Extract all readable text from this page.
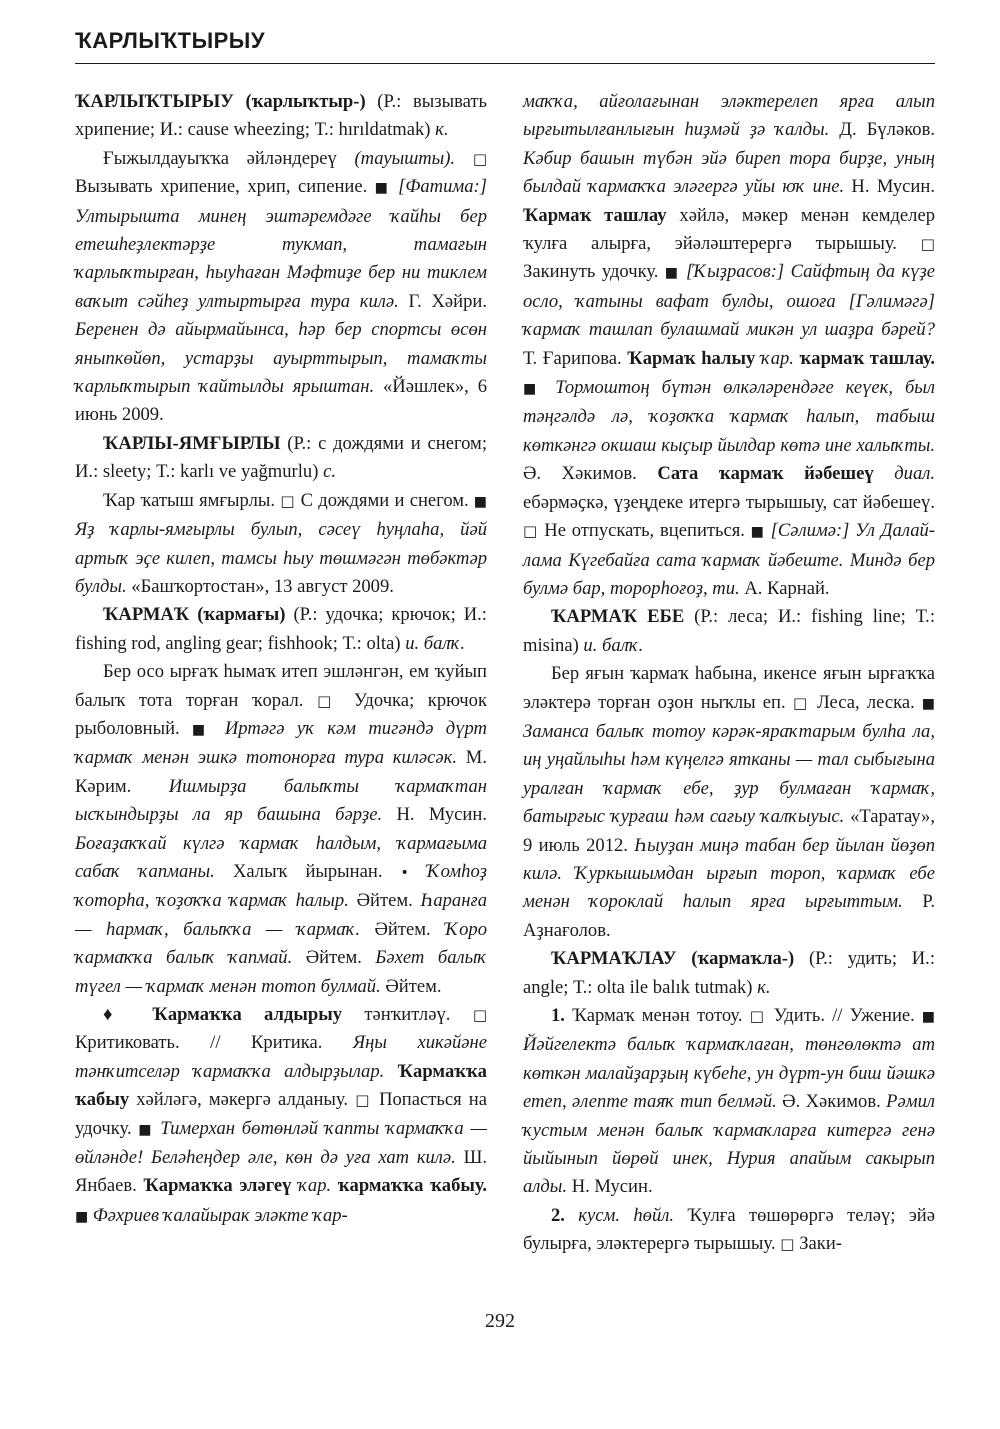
ҠАРЛЫҠТЫРЫУ

ҠАРЛЫҠТЫРЫУ (ҡарлыҡтыр-) (Р.: вызывать хрипение; И.: cause wheezing; Т.: hırıldatmak) к.

Ғыжылдауыҡҡа әйләндереү (тауышты). □ Вызывать хрипение, хрип, сипение. ■ [Фатима:] Ултырышта минең эштәремдәге ҡайһы бер етешһеҙлектәрҙе тукмап, тамағын ҡарлыҡтырған, һыуһаған Мәфтиҙе бер ни тиклем ваҡыт сәйһеҙ ултыртырға тура килә. Г. Хәйри. Беренен дә айырмайынса, һәр бер спортсы өсөн яныпкөйөп, устарҙы ауырттырып, тамаҡты ҡарлыҡтырып ҡайтылды ярыштан. «Йәшлек», 6 июнь 2009.

ҠАРЛЫ-ЯМҒЫРЛЫ (Р.: с дождями и снегом; И.: sleety; Т.: karlı ve yağmurlu) с.

Ҡар ҡатыш ямғырлы. □ С дождями и снегом. ■ Яҙ ҡарлы-ямғырлы булып, сәсеү һуңлаһа, йәй артыҡ эҫе килеп, тамсы һыу төшмәгән төбәктәр булды. «Башҡортостан», 13 август 2009.

ҠАРМАҠ (ҡармағы) (Р.: удочка; крючок; И.: fishing rod, angling gear; fishhook; Т.: olta) и. балҡ.

Бер осо ырғаҡ һымаҡ итеп эшләнгән, ем ҡуйып балыҡ тота торған ҡорал. □ Удочка; крючок рыболовный. ■ Иртәгә уҡ кәм тигәндә дүрт ҡармаҡ менән эшкә тотонорға тура киләсәк. М. Кәрим. Ишмырҙа балыҡты ҡармаҡтан ысҡындырҙы ла яр башына бәрҙе. Н. Мусин. Боғаҙаҡҡай күлгә ҡармаҡ һалдым, ҡармағыма сабаҡ ҡапманы. Халыҡ йырынан. • Ҡомһоҙ ҡоторһа, ҡоҙоҡҡа ҡармаҡ һалыр. Әйтем. Һаранға — һармаҡ, балыҡҡа — ҡармаҡ. Әйтем. Ҡоро ҡармаҡҡа балыҡ ҡапмай. Әйтем. Бәхет балыҡ түгел — ҡармаҡ менән тотоп булмай. Әйтем.

♦ Ҡармаҡҡа алдырыу тәнҡитләү. □ Критиковать. // Критика. Яңы хикәйәне тәнҡитселәр ҡармаҡҡа алдырҙылар. Ҡармаҡҡа ҡабыу хәйләгә, мәкергә алданыу. □ Попасться на удочку. ■ Тимерхан бөтөнләй ҡапты ҡармаҡҡа — өйләнде! Беләһеңдер әле, көн дә уға хат килә. Ш. Янбаев. Ҡармаҡҡа эләгеү ҡар. ҡармаҡҡа ҡабыу. ■ Фәхриев ҡалайырак эләкте ҡар-

маҡҡа, айғолағынан эләктерелеп ярға алып ырғытылғанлығын һиҙмәй ҙә ҡалды. Д. Бүләков. Кәбир башын түбән эйә биреп тора бирҙе, уның былдай ҡармаҡҡа эләгергә уйы юҡ ине. Н. Мусин. Ҡармаҡ ташлау хәйлә, мәкер менән кемделер ҡулға алырға, эйәләштерергә тырышыу. □ Закинуть удочку. ■ [Ҡыҙрасов:] Сайфтың да күҙе осло, ҡатыны вафат булды, ошоға [Гәлимәгә] ҡармаҡ ташлап булашмай микән ул шаҙра бәрей? Т. Ғарипова. Ҡармаҡ һалыу ҡар. ҡармаҡ ташлау. ■ Тормоштоң бүтән өлкәләрендәге кеүек, был тәңгәлдә лә, ҡоҙоҡҡа ҡармаҡ һалып, табыш көткәнгә окшаш кыҫыр йылдар көтә ине халыҡты. Ә. Хәкимов. Сата ҡармаҡ йәбешеү диал. ебәрмәҫкә, үҙеңдеке итергә тырышыу, сат йәбешеү. □ Не отпускать, вцепиться. ■ [Сәлимә:] Ул Далай-лама Күгебайға сата ҡармаҡ йәбеште. Миндә бер булмә бар, торорһоғоҙ, ти. А. Карнай.

ҠАРМАҠ ЕБЕ (Р.: леса; И.: fishing line; Т.: misina) и. балҡ.

Бер яғын ҡармаҡ һабына, икенсе яғын ырғаҡҡа эләктерә торған оҙон ныҡлы еп. □ Леса, леска. ■ Заманса балыҡ тотоу кәрәк-яраҡтарым булһа ла, иң уңайлыһы һәм күңелгә ятканы — тал сыбығына уралған ҡармаҡ ебе, ҙур булмаған ҡармаҡ, батырғыс ҡурғаш һәм сағыу ҡалҡыуыс. «Таратау», 9 июль 2012. Һыуҙан миңә табан бер йылан йөҙөп килә. Ҡуркышымдан ырғып тороп, ҡармаҡ ебе менән ҡороклай һалып ярға ырғыттым. Р. Аҙнағолов.

ҠАРМАҠЛАУ (ҡармаҡла-) (Р.: удить; И.: angle; Т.: olta ile balık tutmak) к.

1. Ҡармаҡ менән тотоу. □ Удить. // Ужение. ■ Йәйгелектә балыҡ ҡармаҡлаған, төнгөлөктә ат көткән малайҙарҙың күбеһе, ун дүрт-ун биш йәшкә етеп, әлепте таяҡ тип белмәй. Ә. Хәкимов. Рәмил ҡустым менән балыҡ ҡармаҡларға китергә генә йыйынып йөрөй инек, Нурия апайым сакырып алды. Н. Мусин.

2. кусм. һөйл. Ҡулға төшөрөргә теләү; эйә булырға, эләктерергә тырышыу. □ Заки-

292
